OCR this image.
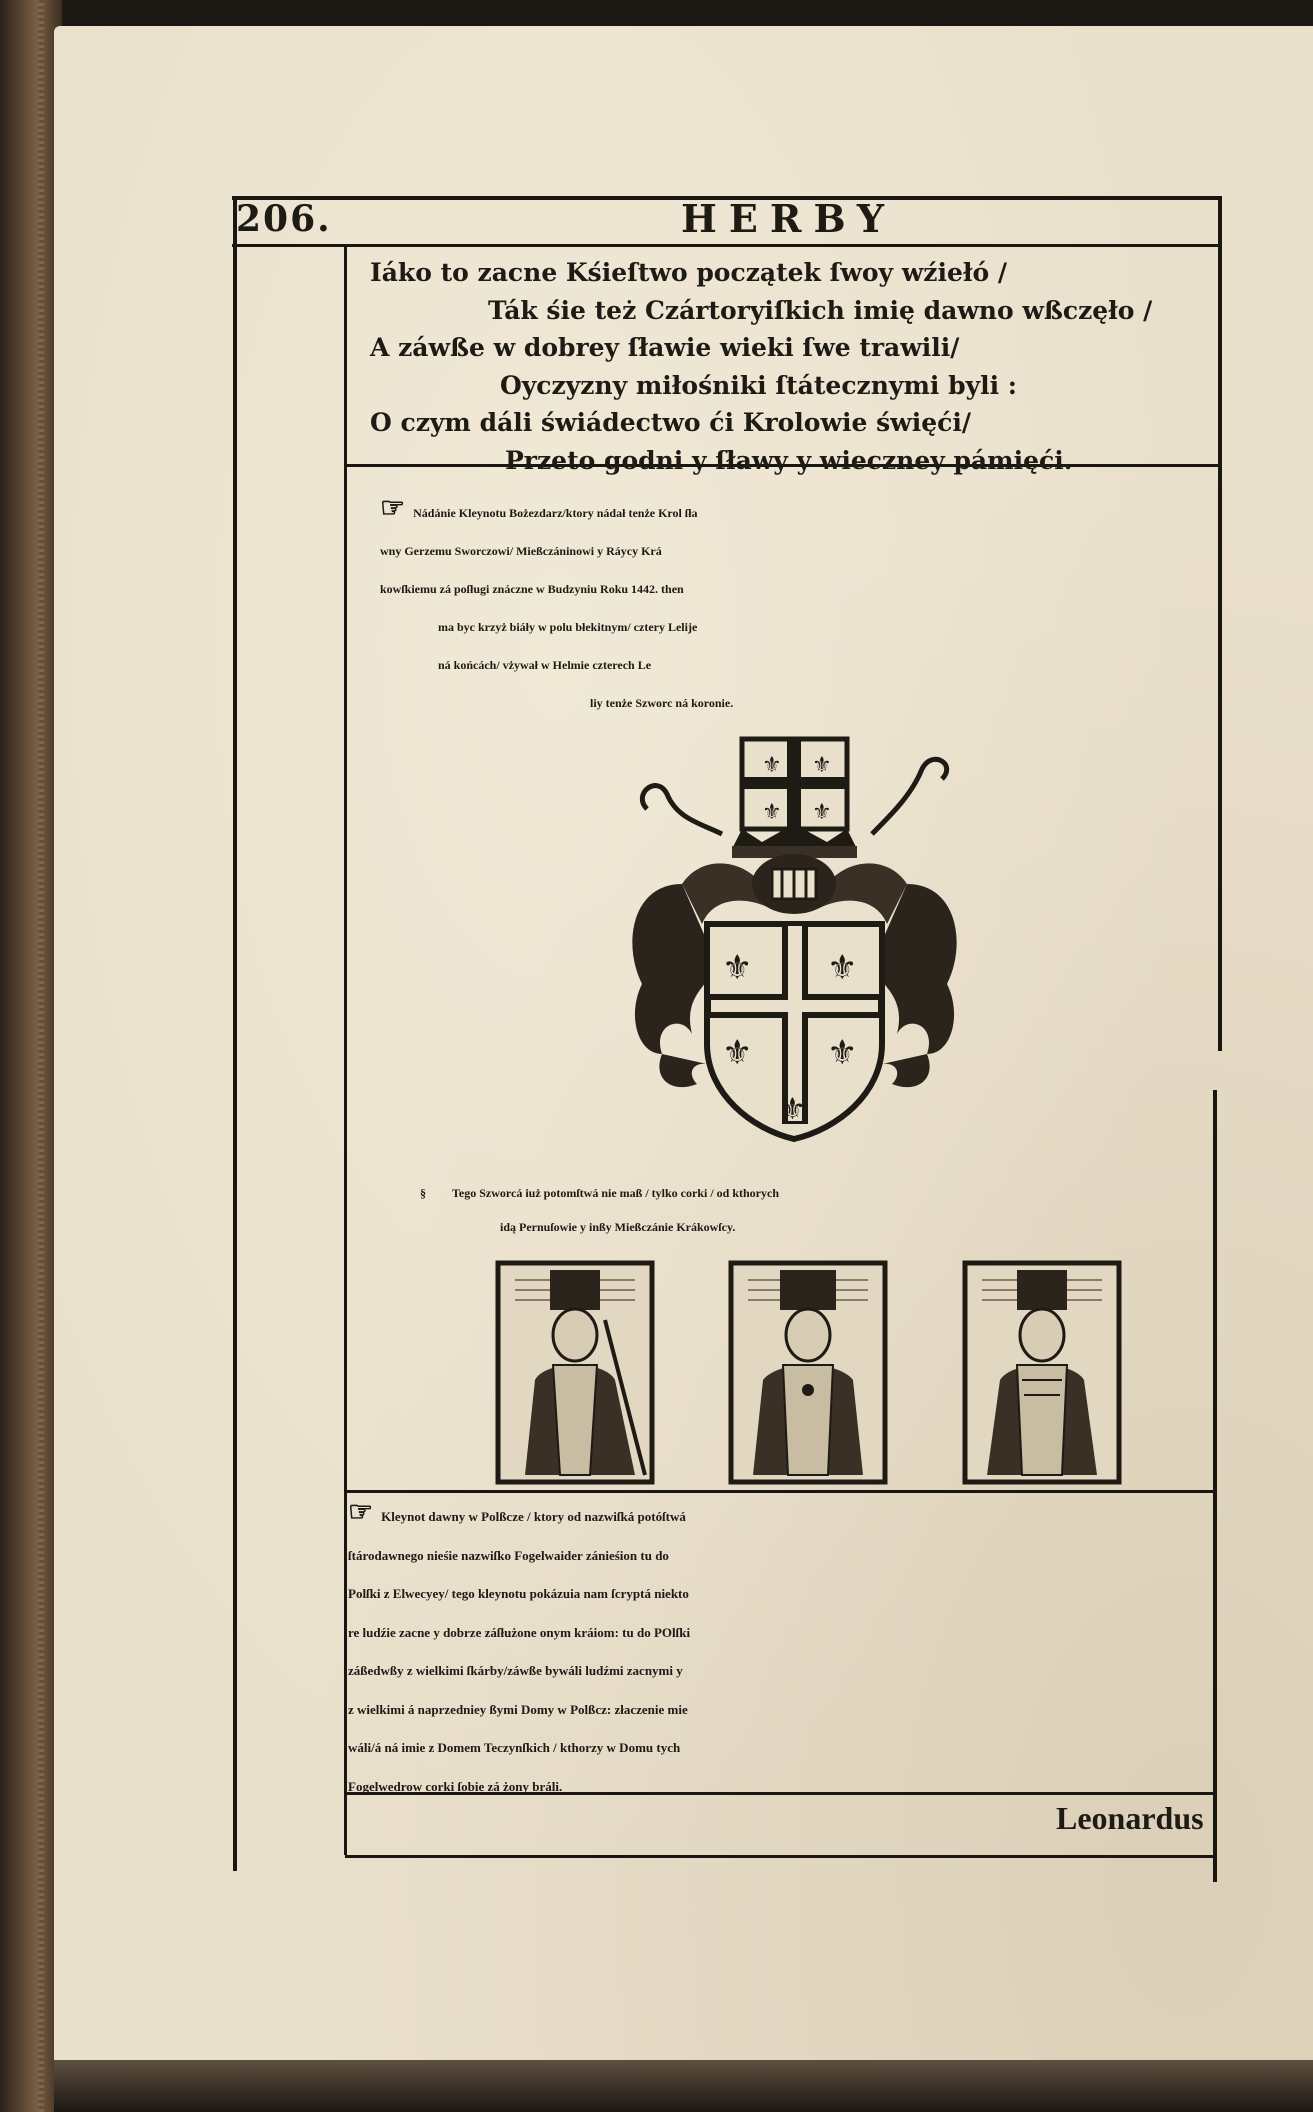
206.	HERBY
Iáko to zacne Kśieſtwo początek ſwoy wźiełó /
Ták śie też Czártoryiſkich imię dawno wßczęło /
A záwße w dobrey ſławie wieki ſwe trawili/
Oyczyzny miłośniki ſtátecznymi byli :
O czym dáli świádectwo ći Krolowie święći/
Przeto godni y ſławy y wieczney pámięći.
☞ Nádánie Kleynotu Bożezdarz/ktory nádał tenże Krol ſła
wny Gerzemu Sworczowi/ Mießczáninowi y Ráycy Krá
kowſkiemu zá poſługi znáczne w Budzyniu Roku 1442. then
ma byc krzyż biáły w polu błekitnym/ cztery Lelije
ná końcách/ vżywał w Helmie czterech Le
liy tenże Szworc ná koronie.
⚜ ⚜
⚜ ⚜
⚜ ⚜
⚜ ⚜
⚜
§ Tego Szworcá iuż potomſtwá nie maß / tylko corki / od kthorych
idą Pernuſowie y inßy Mießczánie Krákowſcy.
☞ Kleynot dawny w Polßcze / ktory od nazwiſká potóſtwá
ſtárodawnego nieśie nazwiſko Fogelwaider zánieśion tu do
Polſki z Elwecyey/ tego kleynotu pokázuia nam ſcryptá niekto
re ludźie zacne y dobrze záſłużone onym kráiom: tu do POlſki
záßedwßy z wielkimi ſkárby/záwße bywáli ludźmi zacnymi y
z wielkimi á naprzedniey ßymi Domy w Polßcz: złaczenie mie
wáli/á ná imie z Domem Teczynſkich / kthorzy w Domu tych
Fogelwedrow corki ſobie zá żony bráli.
Leonardus
